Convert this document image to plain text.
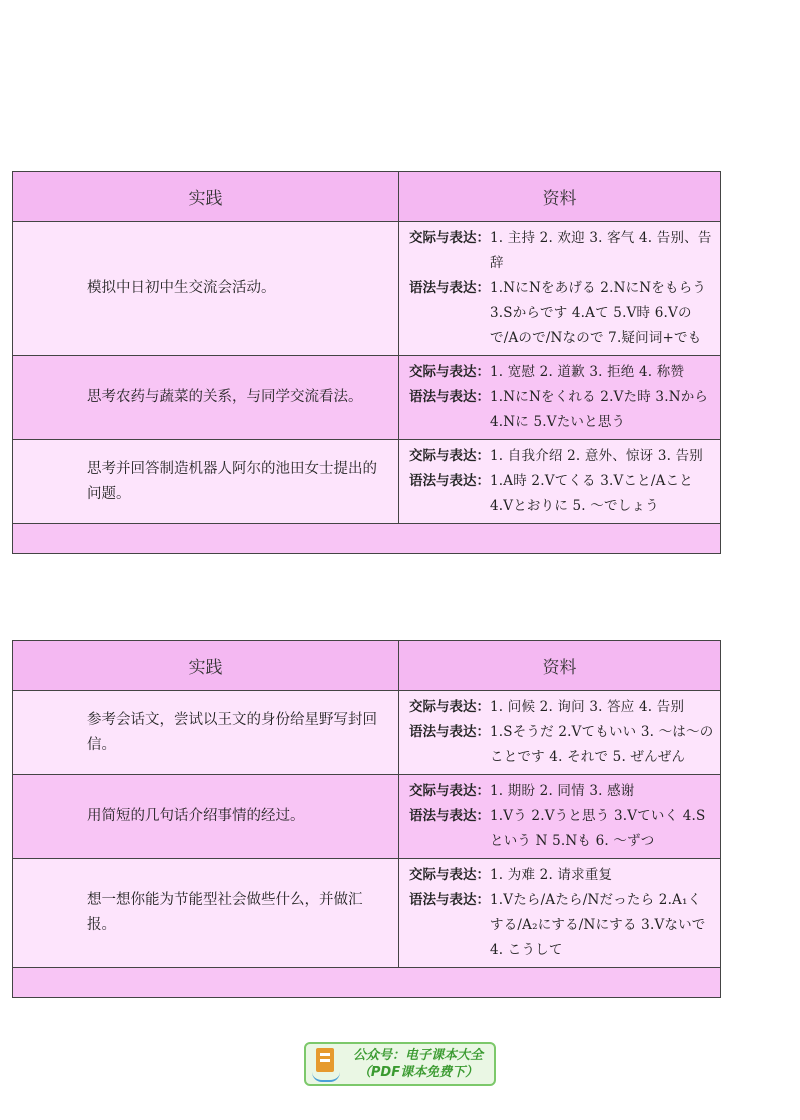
实践	资料
模拟中日初中生交流会活动。	交际与表达： 1. 主持 2. 欢迎 3. 客气 4. 告别、告辞
语法与表达： 1.NにNをあげる 2.NにNをもらう 3.Sからです 4.Aて 5.V時 6.Vので/Aので/Nなので 7.疑问词+でも

思考农药与蔬菜的关系，与同学交流看法。	交际与表达： 1. 宽慰 2. 道歉 3. 拒绝 4. 称赞
语法与表达： 1.NにNをくれる 2.Vた時 3.Nから 4.Nに 5.Vたいと思う

思考并回答制造机器人阿尔的池田女士提出的问题。	交际与表达： 1. 自我介绍 2. 意外、惊讶 3. 告别
语法与表达： 1.A時 2.Vてくる 3.Vこと/Aこと 4.Vとおりに 5. 〜でしょう

实践	资料
参考会话文，尝试以王文的身份给星野写封回信。	交际与表达： 1. 问候 2. 询问 3. 答应 4. 告别
语法与表达： 1.Sそうだ 2.Vてもいい 3. 〜は〜のことです 4. それで 5. ぜんぜん

用简短的几句话介绍事情的经过。	交际与表达： 1. 期盼 2. 同情 3. 感谢
语法与表达： 1.Vう 2.Vうと思う 3.Vていく 4.Sという N 5.Nも 6. 〜ずつ

想一想你能为节能型社会做些什么，并做汇报。	交际与表达： 1. 为难 2. 请求重复
语法与表达： 1.Vたら/Aたら/Nだったら 2.A₁くする/A₂にする/Nにする 3.Vないで 4. こうして

公众号：电子课本大全
（PDF课本免费下）
